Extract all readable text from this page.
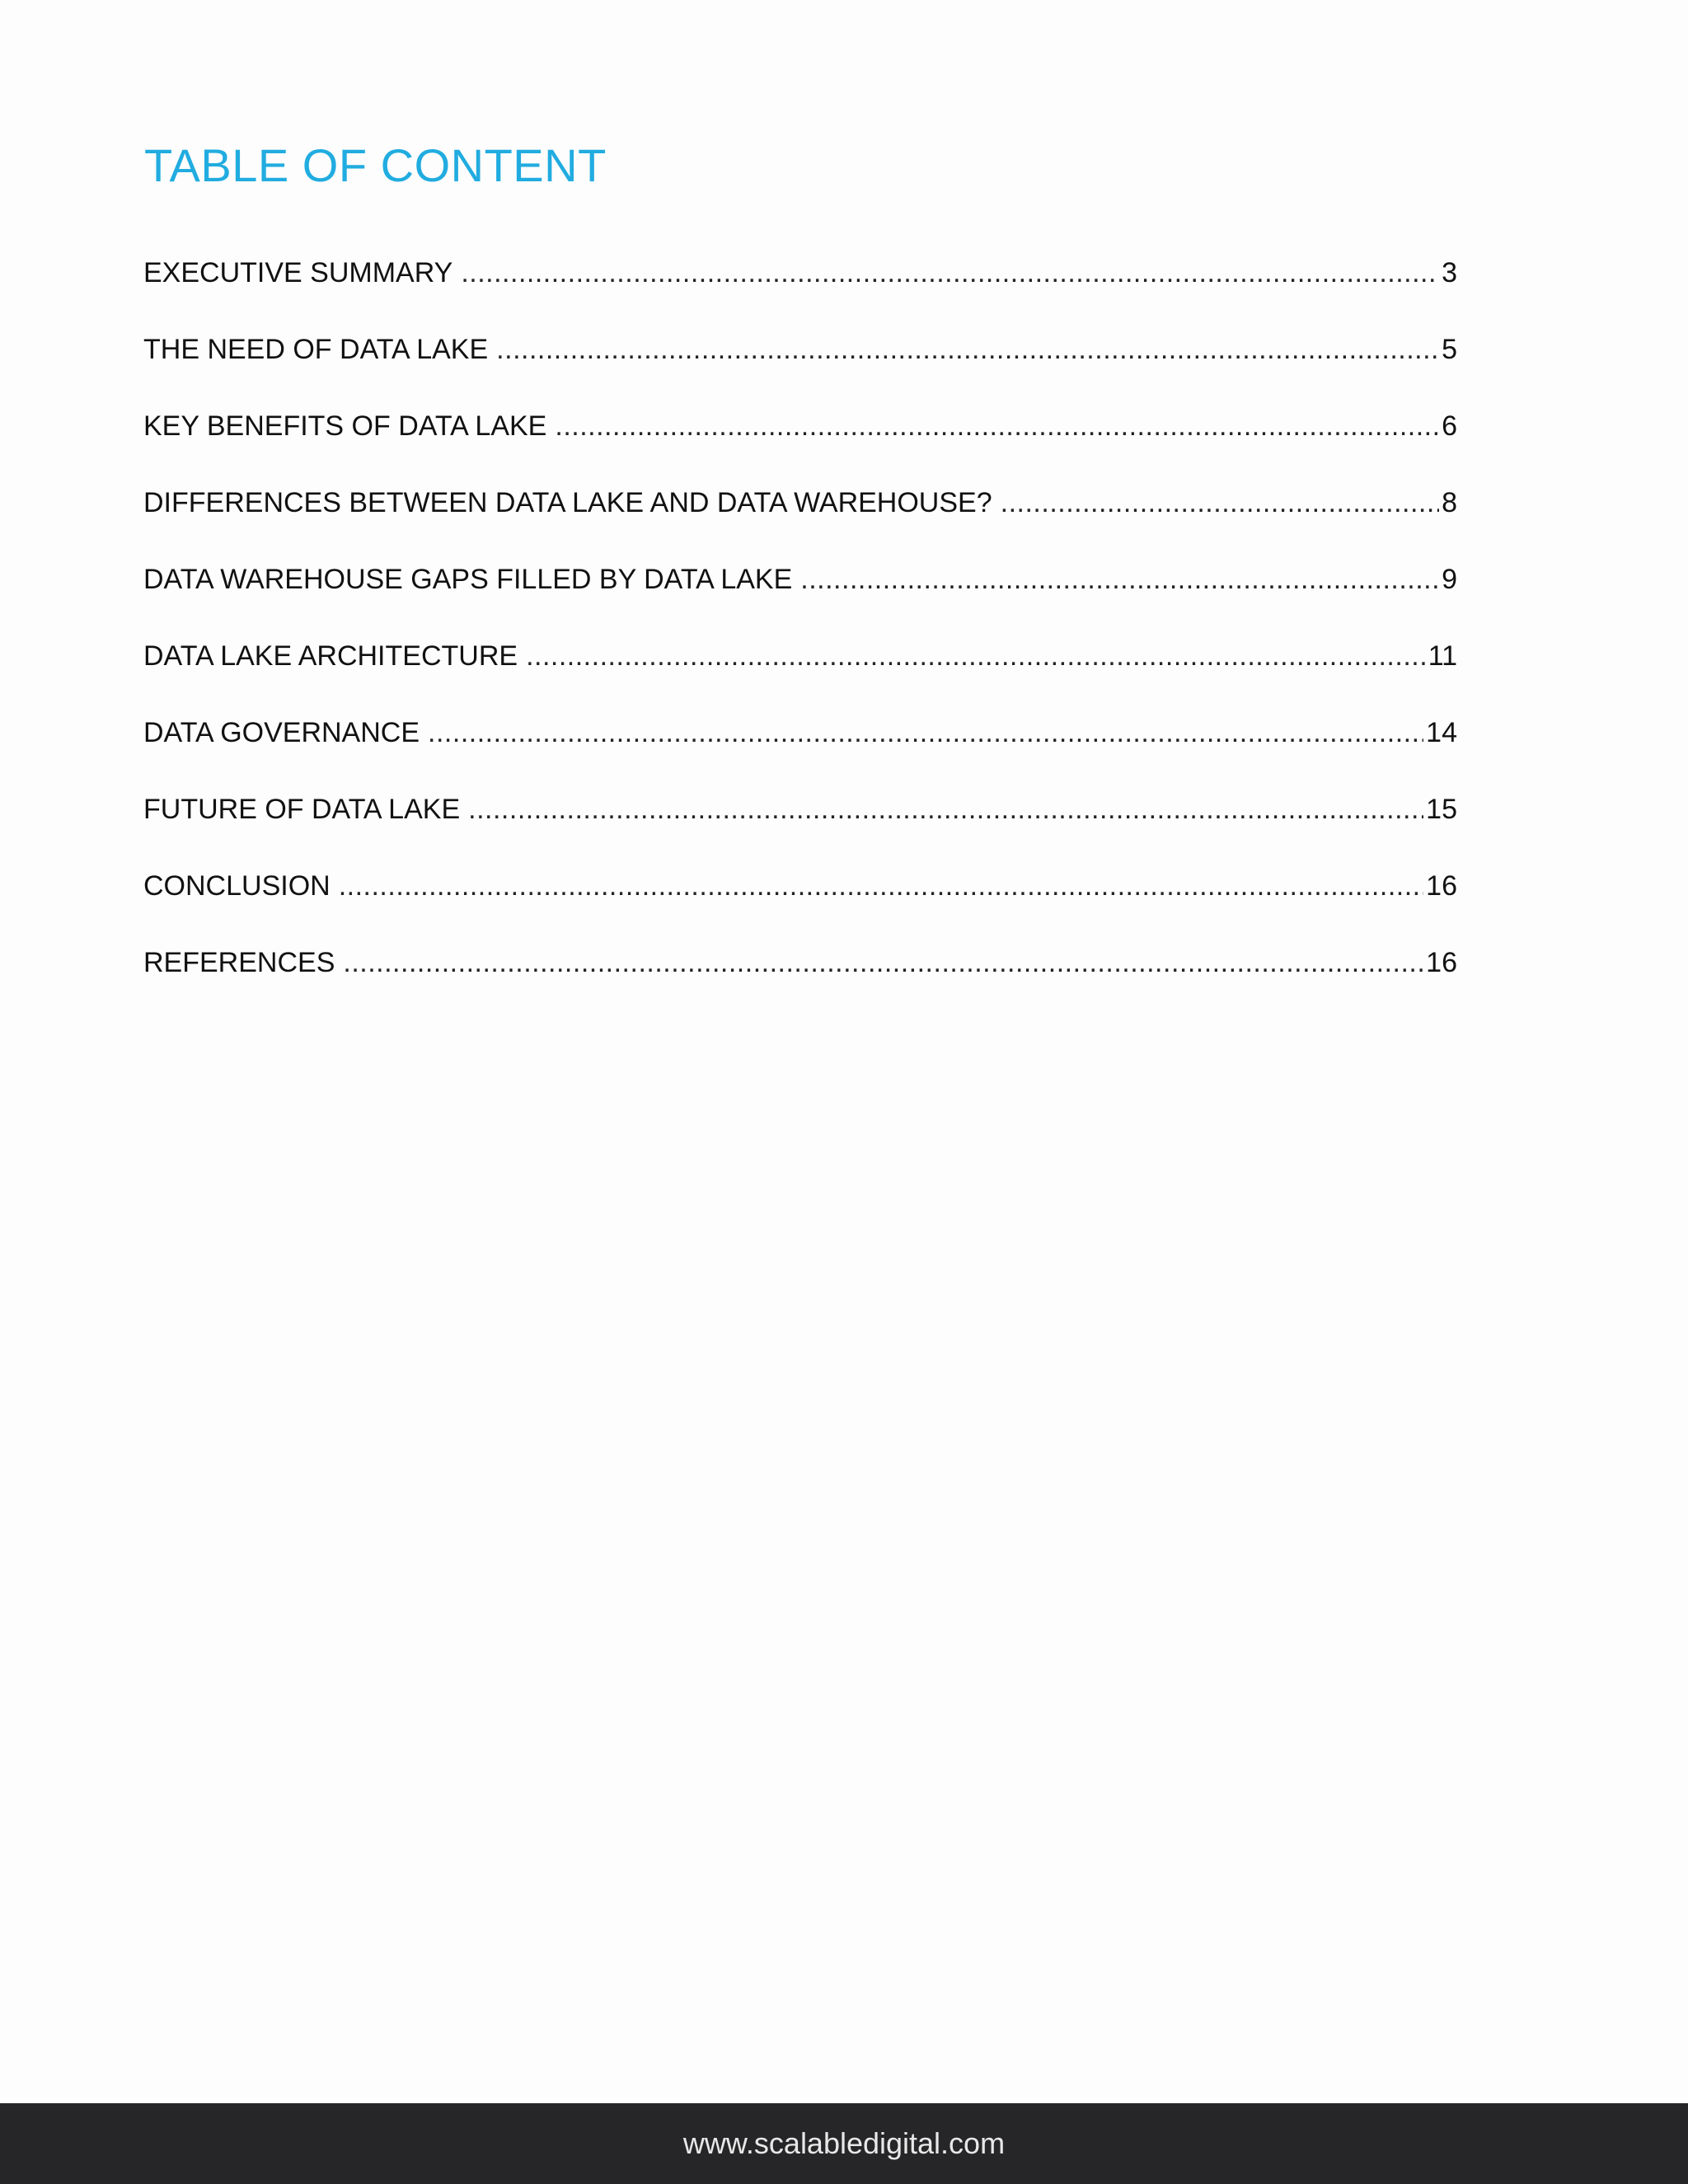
TABLE OF CONTENT
EXECUTIVE SUMMARY .....	3
THE NEED OF DATA LAKE .....	5
KEY BENEFITS OF DATA LAKE .....	6
DIFFERENCES BETWEEN DATA LAKE AND DATA WAREHOUSE? .....	8
DATA WAREHOUSE GAPS FILLED BY DATA LAKE .....	9
DATA LAKE ARCHITECTURE .....	11
DATA GOVERNANCE .....	14
FUTURE OF DATA LAKE .....	15
CONCLUSION .....	16
REFERENCES .....	16
www.scalabledigital.com
